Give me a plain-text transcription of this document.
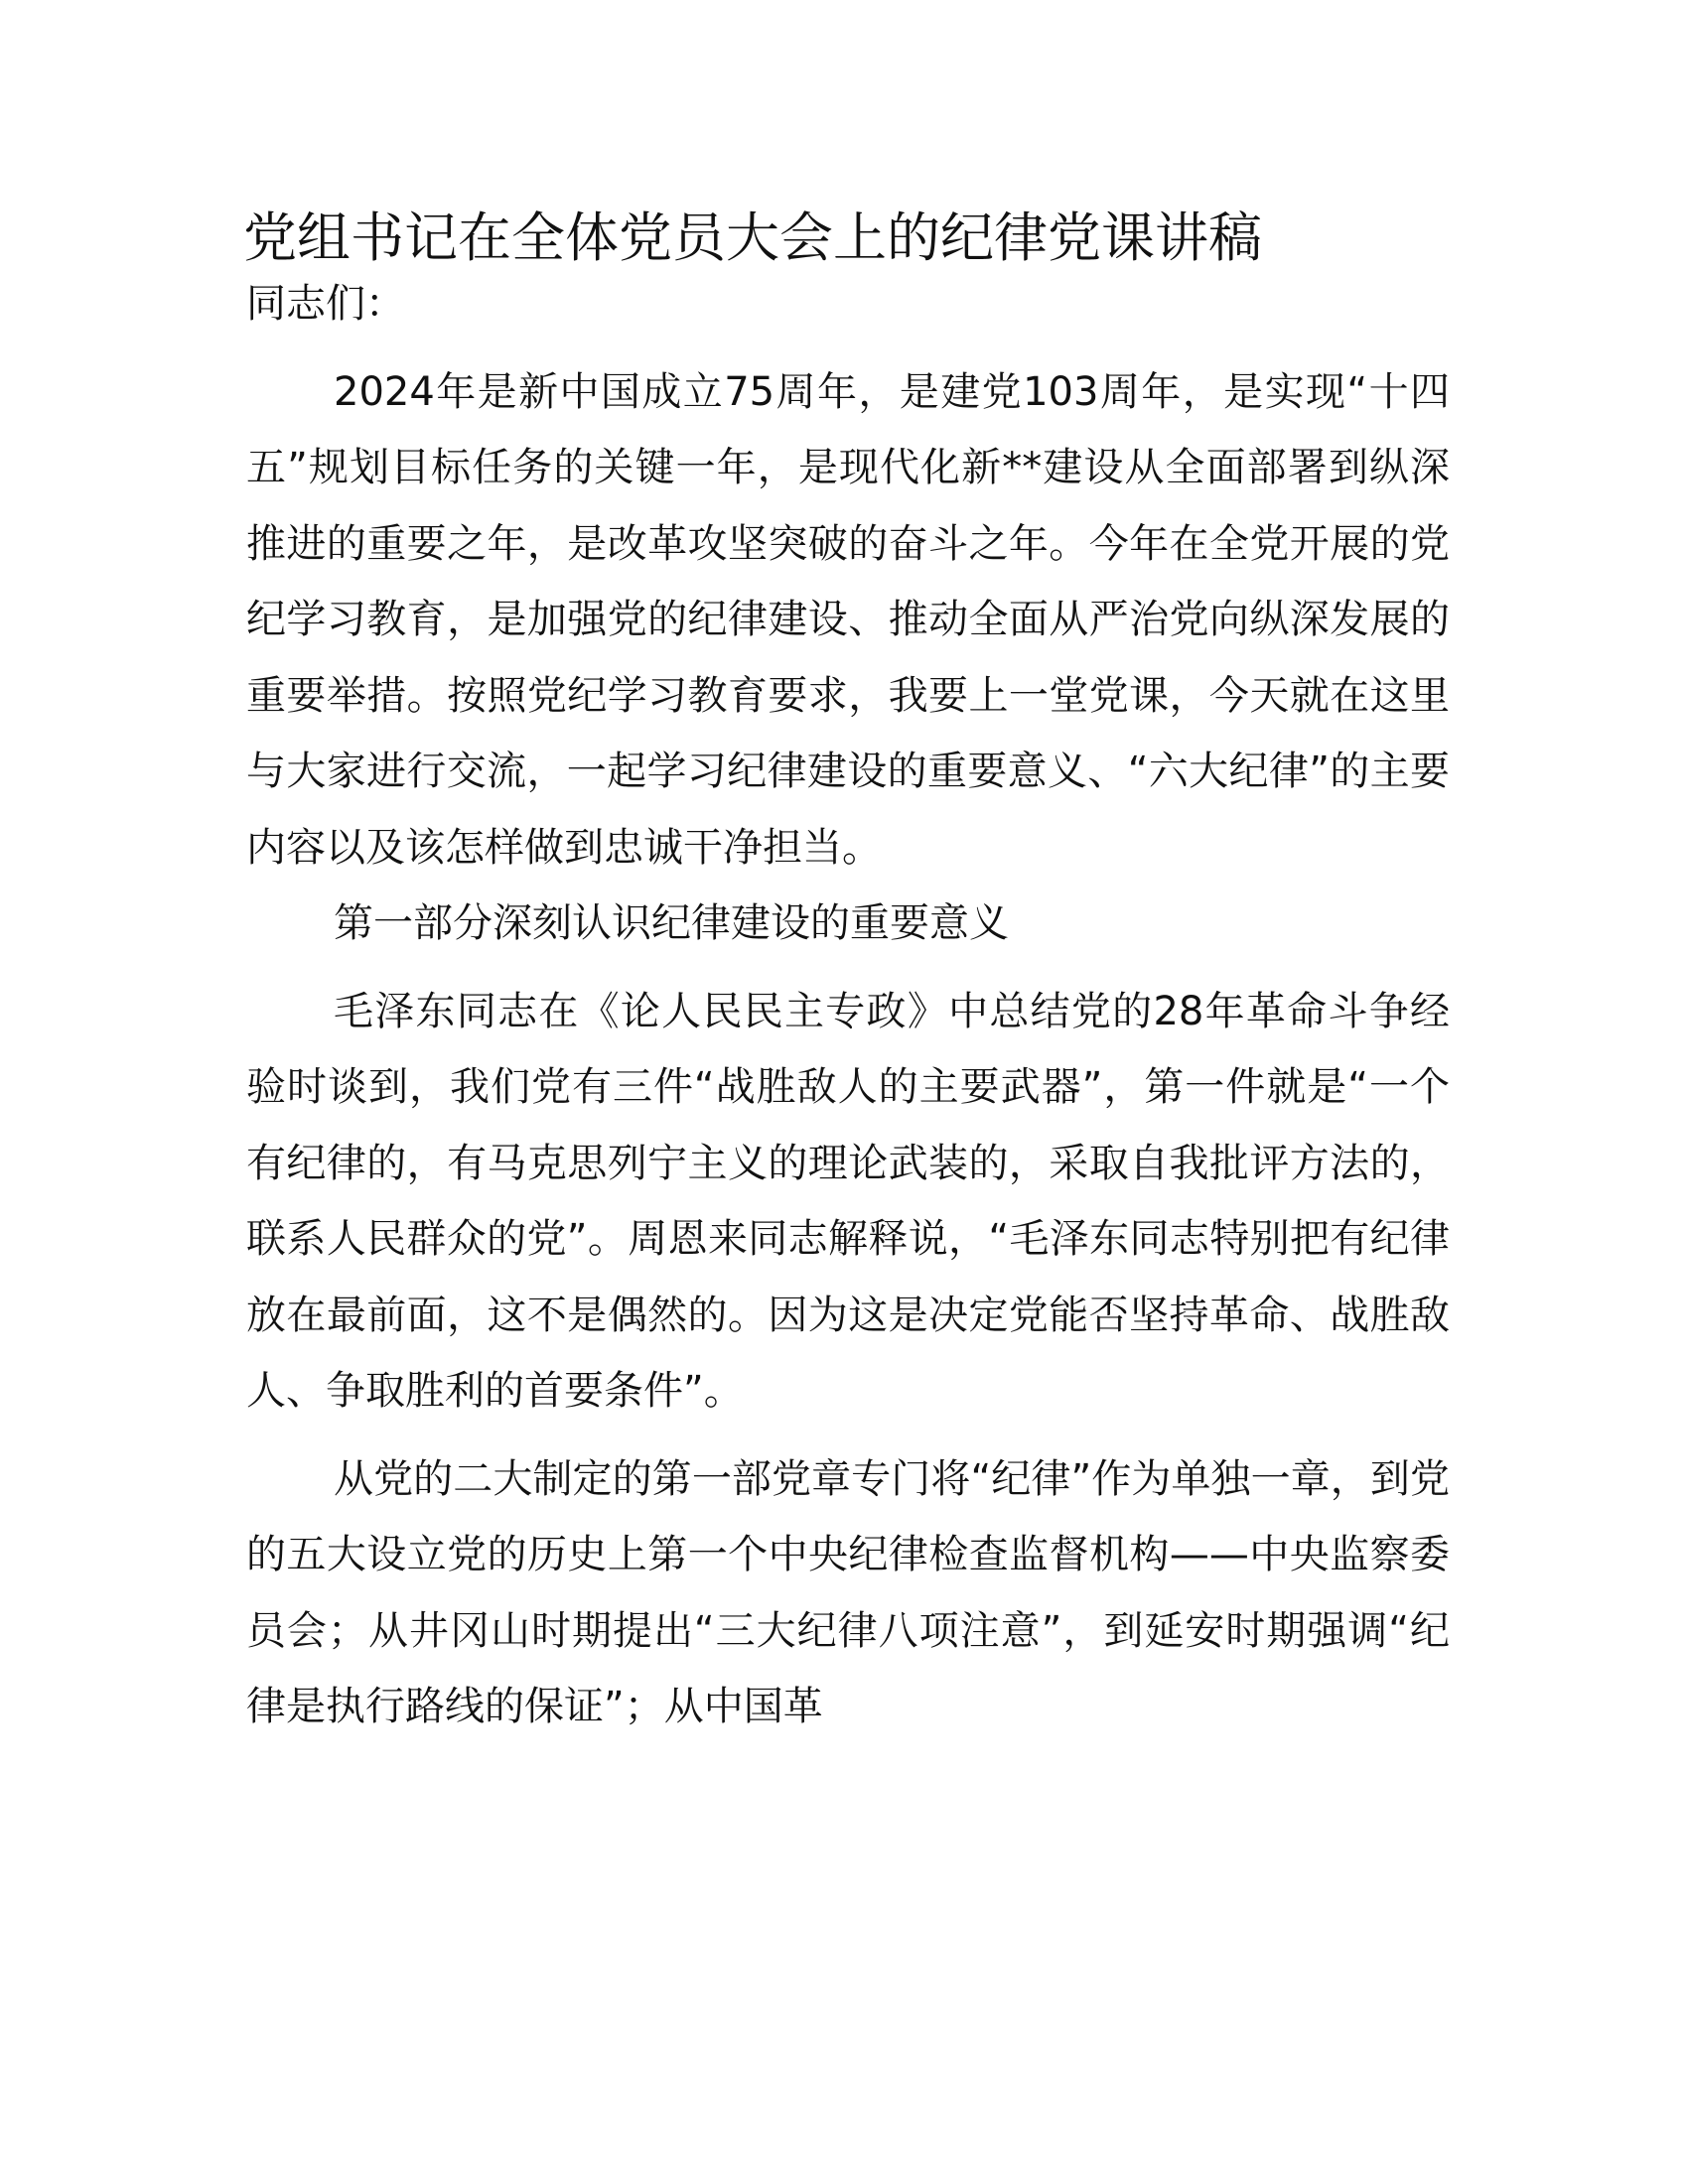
党组书记在全体党员大会上的纪律党课讲稿

同志们：

2024年是新中国成立75周年，是建党103周年，是实现“十四五”规划目标任务的关键一年，是现代化新**建设从全面部署到纵深推进的重要之年，是改革攻坚突破的奋斗之年。今年在全党开展的党纪学习教育，是加强党的纪律建设、推动全面从严治党向纵深发展的重要举措。按照党纪学习教育要求，我要上一堂党课，今天就在这里与大家进行交流，一起学习纪律建设的重要意义、“六大纪律”的主要内容以及该怎样做到忠诚干净担当。

第一部分深刻认识纪律建设的重要意义

毛泽东同志在《论人民民主专政》中总结党的28年革命斗争经验时谈到，我们党有三件“战胜敌人的主要武器”，第一件就是“一个有纪律的，有马克思列宁主义的理论武装的，采取自我批评方法的，联系人民群众的党”。周恩来同志解释说，“毛泽东同志特别把有纪律放在最前面，这不是偶然的。因为这是决定党能否坚持革命、战胜敌人、争取胜利的首要条件”。

从党的二大制定的第一部党章专门将“纪律”作为单独一章，到党的五大设立党的历史上第一个中央纪律检查监督机构——中央监察委员会；从井冈山时期提出“三大纪律八项注意”，到延安时期强调“纪律是执行路线的保证”；从中国革
